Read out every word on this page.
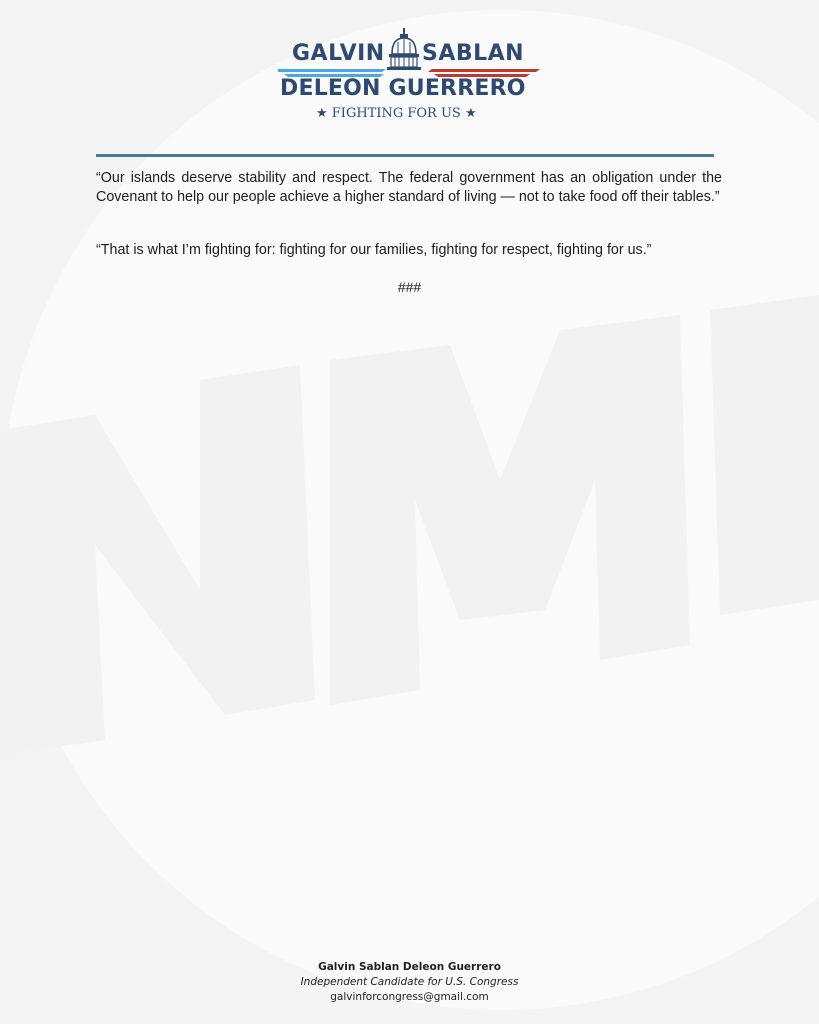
GALVIN SABLAN
DELEON GUERRERO
★ FIGHTING FOR US ★

“Our islands deserve stability and respect. The federal government has an obligation under the Covenant to help our people achieve a higher standard of living — not to take food off their tables.”

“That is what I’m fighting for: fighting for our families, fighting for respect, fighting for us.”

###
Galvin Sablan Deleon Guerrero
Independent Candidate for U.S. Congress
galvinforcongress@gmail.com
